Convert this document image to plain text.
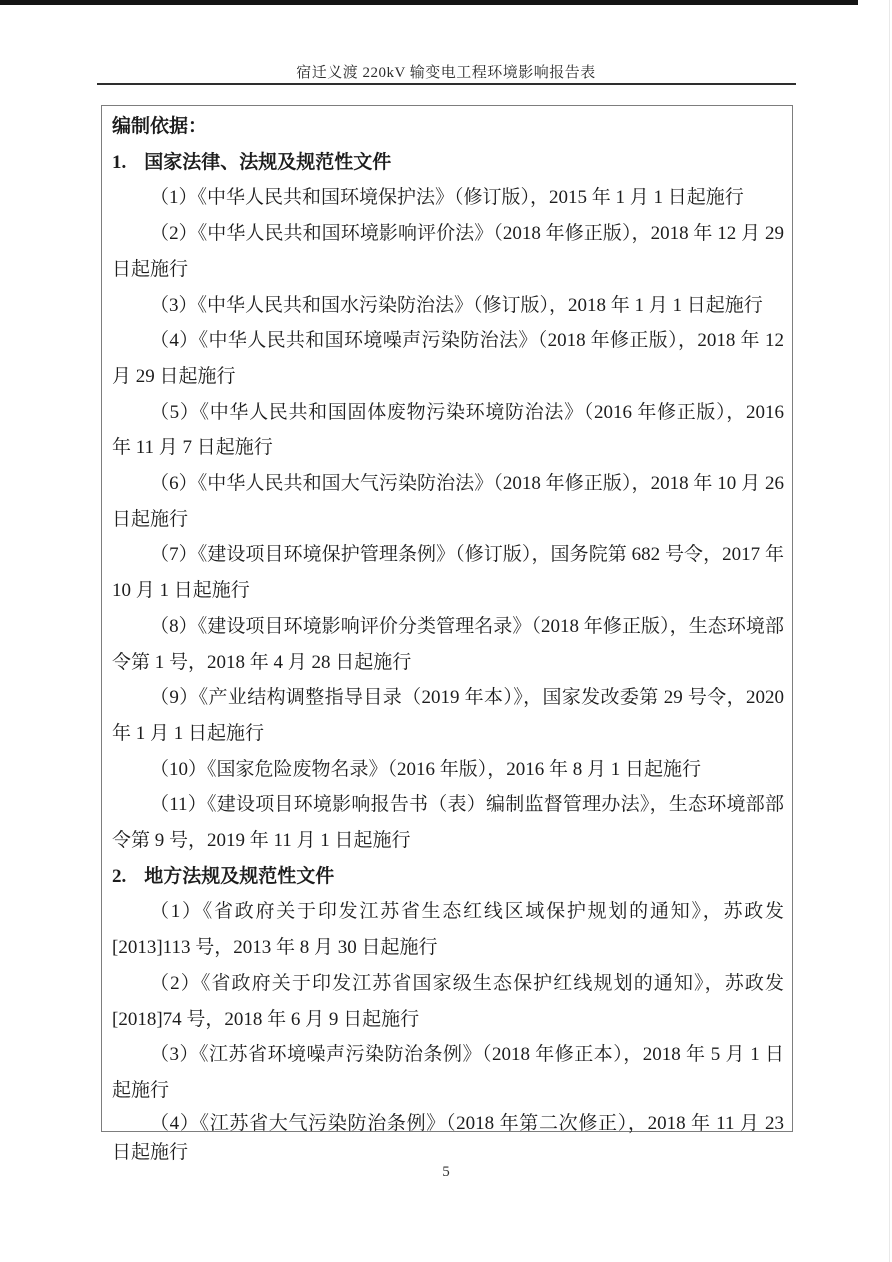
宿迁义渡 220kV 输变电工程环境影响报告表

编制依据：

1. 国家法律、法规及规范性文件

（1）《中华人民共和国环境保护法》（修订版），2015 年 1 月 1 日起施行

（2）《中华人民共和国环境影响评价法》（2018 年修正版），2018 年 12 月 29 日起施行

（3）《中华人民共和国水污染防治法》（修订版），2018 年 1 月 1 日起施行

（4）《中华人民共和国环境噪声污染防治法》（2018 年修正版），2018 年 12 月 29 日起施行

（5）《中华人民共和国固体废物污染环境防治法》（2016 年修正版），2016 年 11 月 7 日起施行

（6）《中华人民共和国大气污染防治法》（2018 年修正版），2018 年 10 月 26 日起施行

（7）《建设项目环境保护管理条例》（修订版），国务院第 682 号令，2017 年 10 月 1 日起施行

（8）《建设项目环境影响评价分类管理名录》（2018 年修正版），生态环境部令第 1 号，2018 年 4 月 28 日起施行

（9）《产业结构调整指导目录（2019 年本）》，国家发改委第 29 号令，2020 年 1 月 1 日起施行

（10）《国家危险废物名录》（2016 年版），2016 年 8 月 1 日起施行

（11）《建设项目环境影响报告书（表）编制监督管理办法》，生态环境部部令第 9 号，2019 年 11 月 1 日起施行

2. 地方法规及规范性文件

（1）《省政府关于印发江苏省生态红线区域保护规划的通知》，苏政发[2013]113 号，2013 年 8 月 30 日起施行

（2）《省政府关于印发江苏省国家级生态保护红线规划的通知》，苏政发[2018]74 号，2018 年 6 月 9 日起施行

（3）《江苏省环境噪声污染防治条例》（2018 年修正本），2018 年 5 月 1 日起施行

（4）《江苏省大气污染防治条例》（2018 年第二次修正），2018 年 11 月 23 日起施行

5
